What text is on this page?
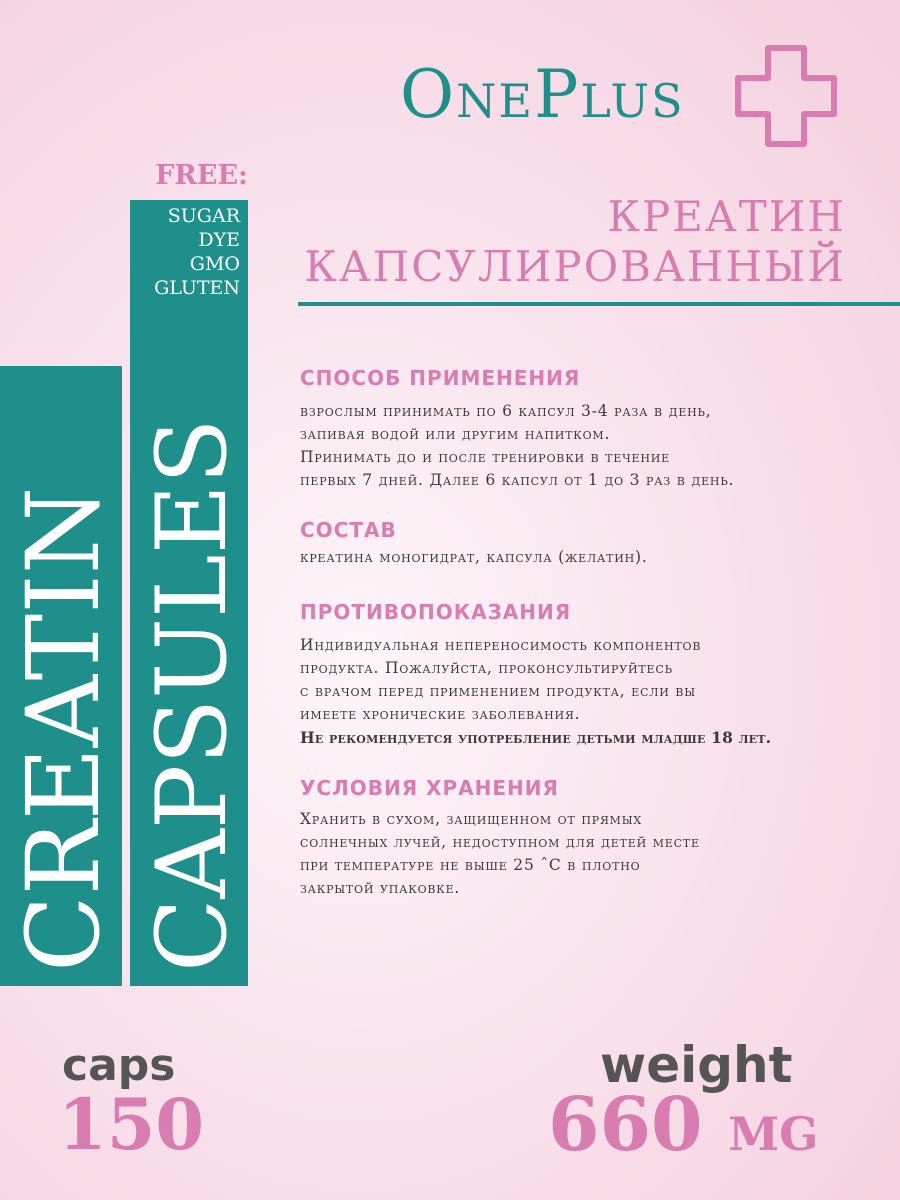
OnePlus
FREE:
SUGAR
DYE
GMO
GLUTEN
CREATIN CAPSULES
КРЕАТИН
КАПСУЛИРОВАННЫЙ
СПОСОБ ПРИМЕНЕНИЯ
взрослым принимать по 6 капсул 3-4 раза в день,
запивая водой или другим напитком.
Принимать до и после тренировки в течение
первых 7 дней. Далее 6 капсул от 1 до 3 раз в день.
СОСТАВ
креатина моногидрат, капсула (желатин).
ПРОТИВОПОКАЗАНИЯ
Индивидуальная непереносимость компонентов
продукта. Пожалуйста, проконсультируйтесь
с врачом перед применением продукта, если вы
имеете хронические заболевания.
Не рекомендуется употребление детьми младше 18 лет.
УСЛОВИЯ ХРАНЕНИЯ
Хранить в сухом, защищенном от прямых
солнечных лучей, недоступном для детей месте
при температуре не выше 25 ˆС в плотно
закрытой упаковке.
caps
150
weight
660 MG
